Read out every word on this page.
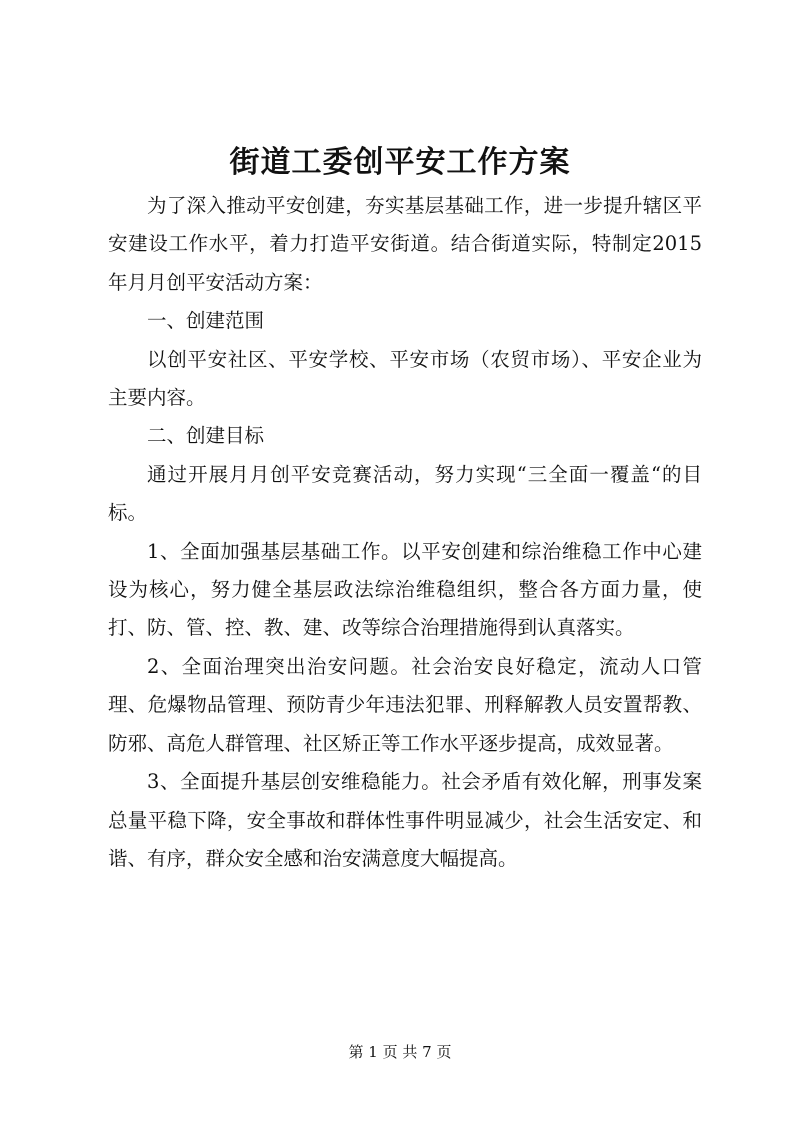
街道工委创平安工作方案

为了深入推动平安创建，夯实基层基础工作，进一步提升辖区平安建设工作水平，着力打造平安街道。结合街道实际，特制定2015年月月创平安活动方案：

一、创建范围

以创平安社区、平安学校、平安市场（农贸市场）、平安企业为主要内容。

二、创建目标

通过开展月月创平安竞赛活动，努力实现“三全面一覆盖“的目标。

1、全面加强基层基础工作。以平安创建和综治维稳工作中心建设为核心，努力健全基层政法综治维稳组织，整合各方面力量，使打、防、管、控、教、建、改等综合治理措施得到认真落实。

2、全面治理突出治安问题。社会治安良好稳定，流动人口管理、危爆物品管理、预防青少年违法犯罪、刑释解教人员安置帮教、防邪、高危人群管理、社区矫正等工作水平逐步提高，成效显著。

3、全面提升基层创安维稳能力。社会矛盾有效化解，刑事发案总量平稳下降，安全事故和群体性事件明显减少，社会生活安定、和谐、有序，群众安全感和治安满意度大幅提高。

第 1 页 共 7 页
